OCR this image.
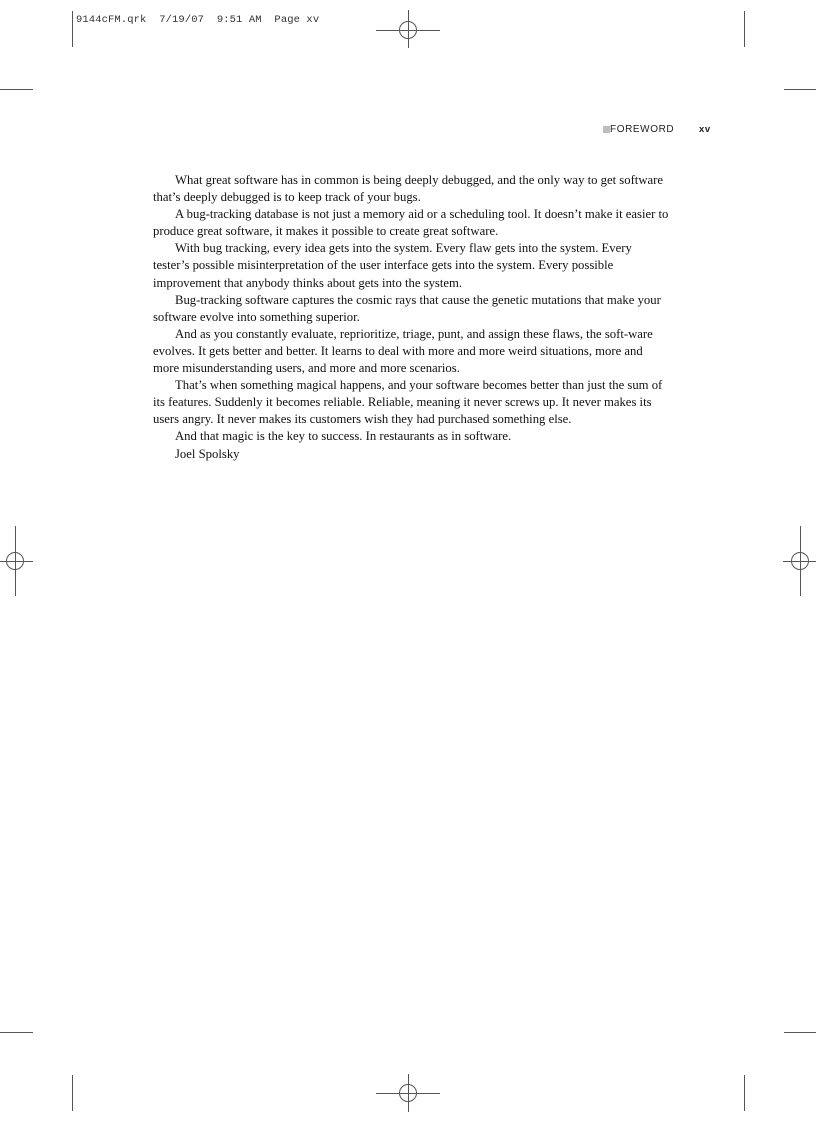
9144cFM.qrk  7/19/07  9:51 AM  Page xv
FOREWORD	xv

What great software has in common is being deeply debugged, and the only way to get software that’s deeply debugged is to keep track of your bugs.

A bug-tracking database is not just a memory aid or a scheduling tool. It doesn’t make it easier to produce great software, it makes it possible to create great software.

With bug tracking, every idea gets into the system. Every flaw gets into the system. Every tester’s possible misinterpretation of the user interface gets into the system. Every possible improvement that anybody thinks about gets into the system.

Bug-tracking software captures the cosmic rays that cause the genetic mutations that make your software evolve into something superior.

And as you constantly evaluate, reprioritize, triage, punt, and assign these flaws, the soft-ware evolves. It gets better and better. It learns to deal with more and more weird situations, more and more misunderstanding users, and more and more scenarios.

That’s when something magical happens, and your software becomes better than just the sum of its features. Suddenly it becomes reliable. Reliable, meaning it never screws up. It never makes its users angry. It never makes its customers wish they had purchased something else.

And that magic is the key to success. In restaurants as in software.

Joel Spolsky
